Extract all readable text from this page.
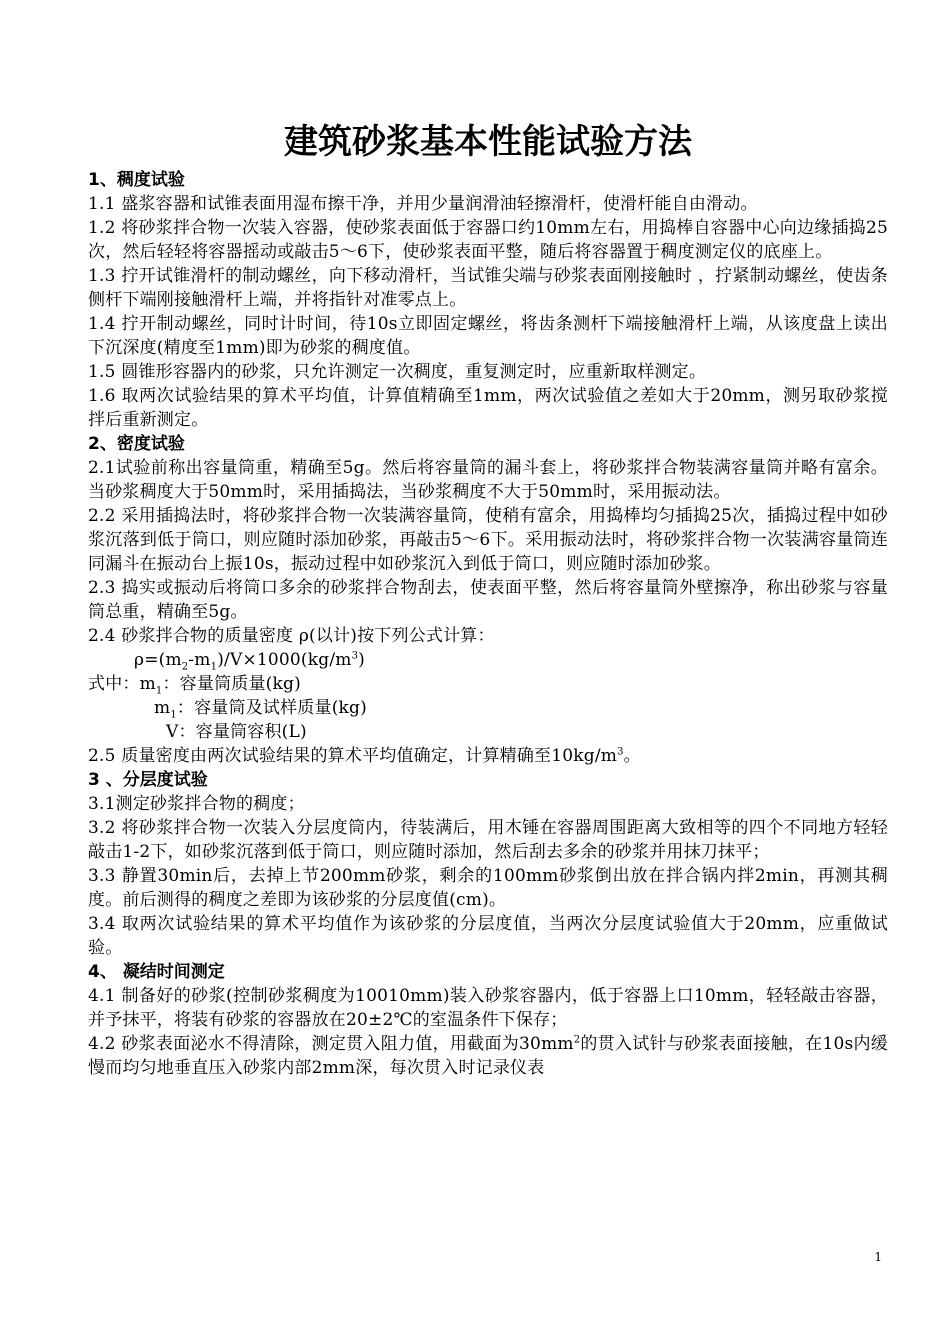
建筑砂浆基本性能试验方法
1、稠度试验

1.1 盛浆容器和试锥表面用湿布擦干净，并用少量润滑油轻擦滑杆，使滑杆能自由滑动。

1.2 将砂浆拌合物一次装入容器，使砂浆表面低于容器口约10mm左右，用捣棒自容器中心向边缘插捣25次，然后轻轻将容器摇动或敲击5～6下，使砂浆表面平整，随后将容器置于稠度测定仪的底座上。

1.3 拧开试锥滑杆的制动螺丝，向下移动滑杆，当试锥尖端与砂浆表面刚接触时 ，拧紧制动螺丝，使齿条侧杆下端刚接触滑杆上端，并将指针对准零点上。

1.4 拧开制动螺丝，同时计时间，待10s立即固定螺丝，将齿条测杆下端接触滑杆上端，从该度盘上读出下沉深度(精度至1mm)即为砂浆的稠度值。

1.5 圆锥形容器内的砂浆，只允许测定一次稠度，重复测定时，应重新取样测定。

1.6 取两次试验结果的算术平均值，计算值精确至1mm，两次试验值之差如大于20mm，测另取砂浆搅拌后重新测定。

2、密度试验

2.1试验前称出容量筒重，精确至5g。然后将容量筒的漏斗套上，将砂浆拌合物装满容量筒并略有富余。当砂浆稠度大于50mm时，采用插捣法，当砂浆稠度不大于50mm时，采用振动法。

2.2 采用插捣法时，将砂浆拌合物一次装满容量筒，使稍有富余，用捣棒均匀插捣25次，插捣过程中如砂浆沉落到低于筒口，则应随时添加砂浆，再敲击5～6下。采用振动法时，将砂浆拌合物一次装满容量筒连同漏斗在振动台上振10s，振动过程中如砂浆沉入到低于筒口，则应随时添加砂浆。

2.3 捣实或振动后将筒口多余的砂浆拌合物刮去，使表面平整，然后将容量筒外壁擦净，称出砂浆与容量筒总重，精确至5g。

2.4 砂浆拌合物的质量密度 ρ(以计)按下列公式计算：

$\rho=(m_2-m_1)/V\times 1000(kg/m^3)$

式中：$m_1$：容量筒质量(kg)

$m_1$：容量筒及试样质量(kg)

V：容量筒容积(L)

2.5 质量密度由两次试验结果的算术平均值确定，计算精确至$10kg/m^3$。

3 、分层度试验

3.1测定砂浆拌合物的稠度；

3.2 将砂浆拌合物一次装入分层度筒内，待装满后，用木锤在容器周围距离大致相等的四个不同地方轻轻敲击1-2下，如砂浆沉落到低于筒口，则应随时添加，然后刮去多余的砂浆并用抹刀抹平；

3.3 静置30min后，去掉上节200mm砂浆，剩余的100mm砂浆倒出放在拌合锅内拌2min，再测其稠度。前后测得的稠度之差即为该砂浆的分层度值(cm)。

3.4 取两次试验结果的算术平均值作为该砂浆的分层度值，当两次分层度试验值大于20mm，应重做试验。

4、 凝结时间测定

4.1 制备好的砂浆(控制砂浆稠度为10010mm)装入砂浆容器内，低于容器上口10mm，轻轻敲击容器，并予抹平，将装有砂浆的容器放在20±2℃的室温条件下保存；

4.2 砂浆表面泌水不得清除，测定贯入阻力值，用截面为$30mm^2$的贯入试针与砂浆表面接触，在10s内缓慢而均匀地垂直压入砂浆内部2mm深，每次贯入时记录仪表

1
